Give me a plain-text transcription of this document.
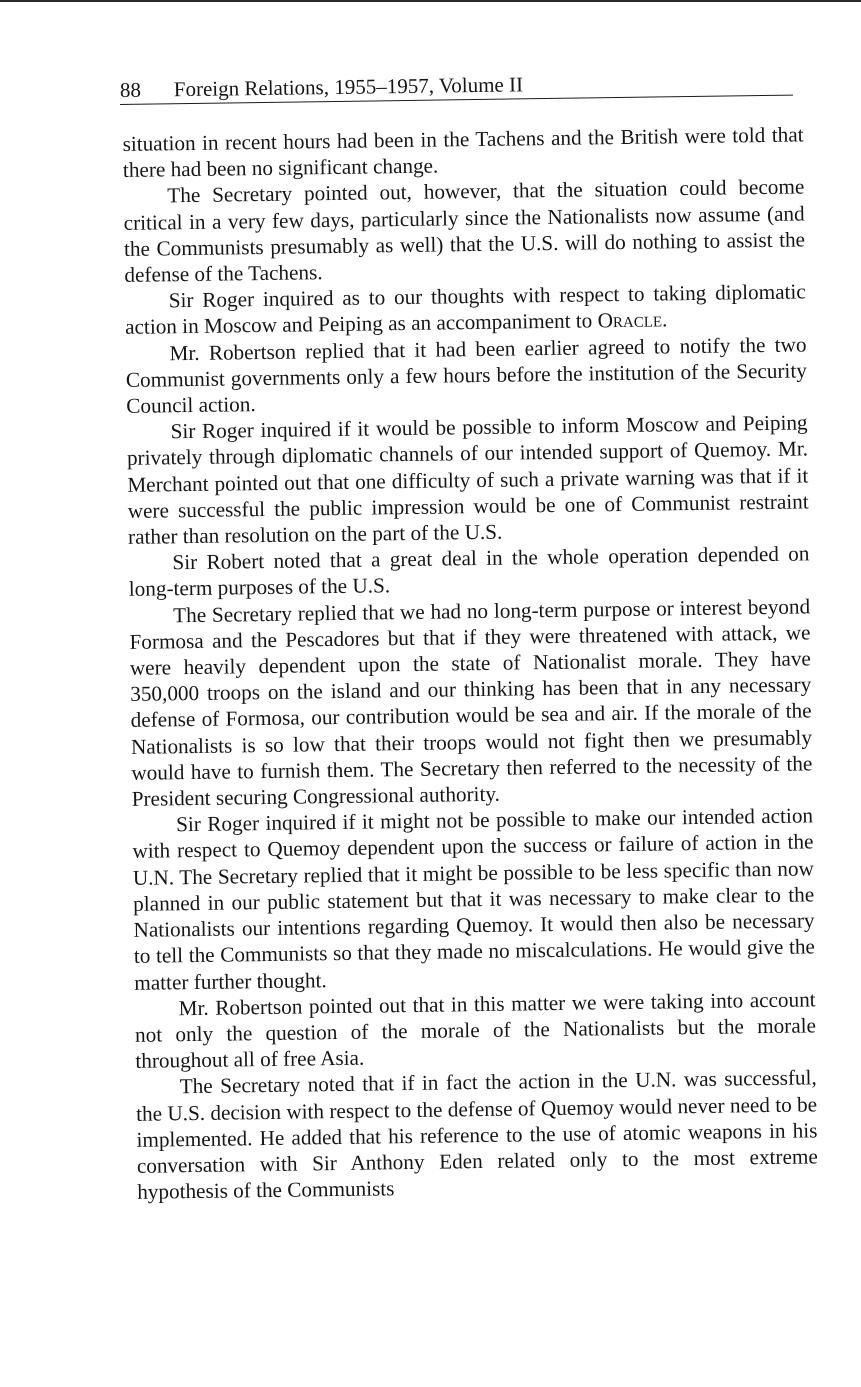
88 Foreign Relations, 1955–1957, Volume II

situation in recent hours had been in the Tachens and the British were told that there had been no significant change.

The Secretary pointed out, however, that the situation could become critical in a very few days, particularly since the Nationalists now assume (and the Communists presumably as well) that the U.S. will do nothing to assist the defense of the Tachens.

Sir Roger inquired as to our thoughts with respect to taking diplomatic action in Moscow and Peiping as an accompaniment to Oracle.

Mr. Robertson replied that it had been earlier agreed to notify the two Communist governments only a few hours before the institution of the Security Council action.

Sir Roger inquired if it would be possible to inform Moscow and Peiping privately through diplomatic channels of our intended support of Quemoy. Mr. Merchant pointed out that one difficulty of such a private warning was that if it were successful the public impression would be one of Communist restraint rather than resolution on the part of the U.S.

Sir Robert noted that a great deal in the whole operation depended on long-term purposes of the U.S.

The Secretary replied that we had no long-term purpose or interest beyond Formosa and the Pescadores but that if they were threatened with attack, we were heavily dependent upon the state of Nationalist morale. They have 350,000 troops on the island and our thinking has been that in any necessary defense of Formosa, our contribution would be sea and air. If the morale of the Nationalists is so low that their troops would not fight then we presumably would have to furnish them. The Secretary then referred to the necessity of the President securing Congressional authority.

Sir Roger inquired if it might not be possible to make our intended action with respect to Quemoy dependent upon the success or failure of action in the U.N. The Secretary replied that it might be possible to be less specific than now planned in our public statement but that it was necessary to make clear to the Nationalists our intentions regarding Quemoy. It would then also be necessary to tell the Communists so that they made no miscalculations. He would give the matter further thought.

Mr. Robertson pointed out that in this matter we were taking into account not only the question of the morale of the Nationalists but the morale throughout all of free Asia.

The Secretary noted that if in fact the action in the U.N. was successful, the U.S. decision with respect to the defense of Quemoy would never need to be implemented. He added that his reference to the use of atomic weapons in his conversation with Sir Anthony Eden related only to the most extreme hypothesis of the Communists
